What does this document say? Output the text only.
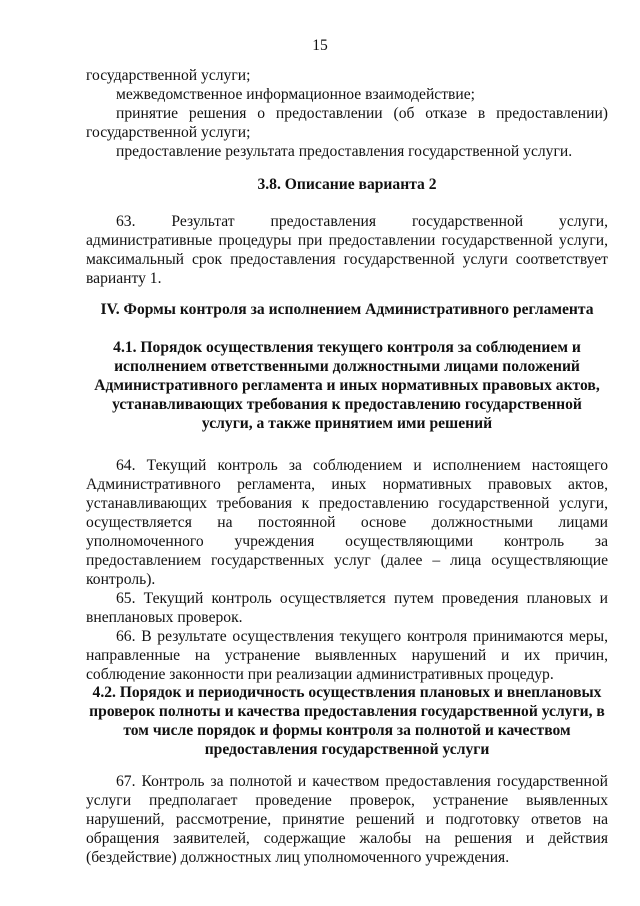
15

государственной услуги;

межведомственное информационное взаимодействие;

принятие решения о предоставлении (об отказе в предоставлении) государственной услуги;

предоставление результата предоставления государственной услуги.

3.8. Описание варианта 2

63. Результат предоставления государственной услуги, административные процедуры при предоставлении государственной услуги, максимальный срок предоставления государственной услуги соответствует варианту 1.

IV. Формы контроля за исполнением Административного регламента
4.1. Порядок осуществления текущего контроля за соблюдением и исполнением ответственными должностными лицами положений Административного регламента и иных нормативных правовых актов, устанавливающих требования к предоставлению государственной услуги, а также принятием ими решений

64. Текущий контроль за соблюдением и исполнением настоящего Административного регламента, иных нормативных правовых актов, устанавливающих требования к предоставлению государственной услуги, осуществляется на постоянной основе должностными лицами уполномоченного учреждения осуществляющими контроль за предоставлением государственных услуг (далее – лица осуществляющие контроль).

65. Текущий контроль осуществляется путем проведения плановых и внеплановых проверок.

66. В результате осуществления текущего контроля принимаются меры, направленные на устранение выявленных нарушений и их причин, соблюдение законности при реализации административных процедур.

4.2. Порядок и периодичность осуществления плановых и внеплановых проверок полноты и качества предоставления государственной услуги, в том числе порядок и формы контроля за полнотой и качеством предоставления государственной услуги

67. Контроль за полнотой и качеством предоставления государственной услуги предполагает проведение проверок, устранение выявленных нарушений, рассмотрение, принятие решений и подготовку ответов на обращения заявителей, содержащие жалобы на решения и действия (бездействие) должностных лиц уполномоченного учреждения.
